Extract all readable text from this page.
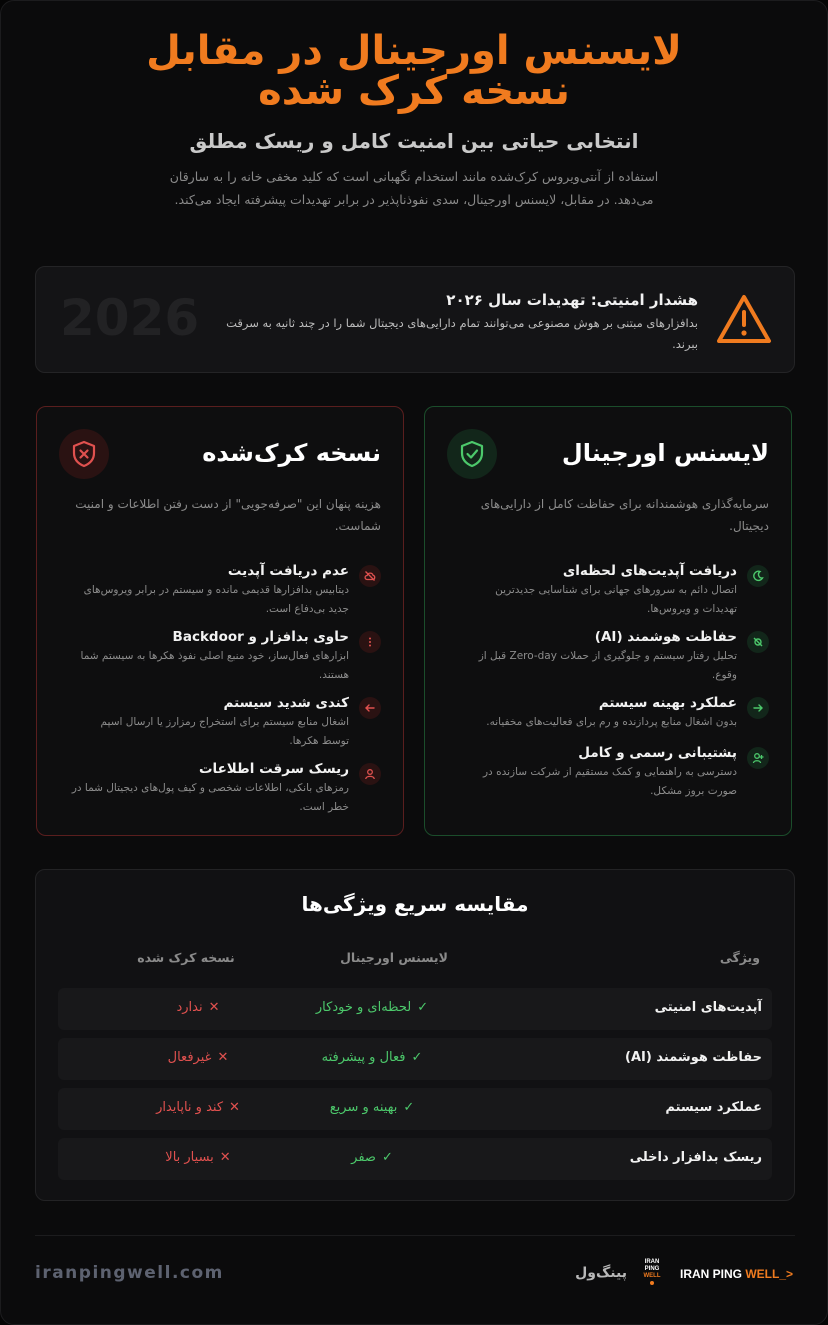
لایسنس اورجینال در مقابل نسخه کرک شده
انتخابی حیاتی بین امنیت کامل و ریسک مطلق

استفاده از آنتی‌ویروس کرک‌شده مانند استخدام نگهبانی است که کلید مخفی خانه را به سارقان می‌دهد. در مقابل، لایسنس اورجینال، سدی نفوذناپذیر در برابر تهدیدات پیشرفته ایجاد می‌کند.

هشدار امنیتی: تهدیدات سال ۲۰۲۶
بدافزارهای مبتنی بر هوش مصنوعی می‌توانند تمام دارایی‌های دیجیتال شما را در چند ثانیه به سرقت ببرند.
2026
لایسنس اورجینال
سرمایه‌گذاری هوشمندانه برای حفاظت کامل از دارایی‌های دیجیتال.
دریافت آپدیت‌های لحظه‌ای
اتصال دائم به سرورهای جهانی برای شناسایی جدیدترین تهدیدات و ویروس‌ها.
حفاظت هوشمند (AI)
تحلیل رفتار سیستم و جلوگیری از حملات Zero-day قبل از وقوع.
عملکرد بهینه سیستم
بدون اشغال منابع پردازنده و رم برای فعالیت‌های مخفیانه.
پشتیبانی رسمی و کامل
دسترسی به راهنمایی و کمک مستقیم از شرکت سازنده در صورت بروز مشکل.
نسخه کرک‌شده
هزینه پنهان این "صرفه‌جویی" از دست رفتن اطلاعات و امنیت شماست.
عدم دریافت آپدیت
دیتابیس بدافزارها قدیمی مانده و سیستم در برابر ویروس‌های جدید بی‌دفاع است.
حاوی بدافزار و Backdoor
ابزارهای فعال‌ساز، خود منبع اصلی نفوذ هکرها به سیستم شما هستند.
کندی شدید سیستم
اشغال منابع سیستم برای استخراج رمزارز یا ارسال اسپم توسط هکرها.
ریسک سرقت اطلاعات
رمزهای بانکی، اطلاعات شخصی و کیف پول‌های دیجیتال شما در خطر است.
مقایسه سریع ویژگی‌ها
ویژگی
لایسنس اورجینال
نسخه کرک شده
آپدیت‌های امنیتی
✓لحظه‌ای و خودکار
✕ندارد
حفاظت هوشمند (AI)
✓فعال و پیشرفته
✕غیرفعال
عملکرد سیستم
✓بهینه و سریع
✕کند و ناپایدار
ریسک بدافزار داخلی
✓صفر
✕بسیار بالا
iranpingwell.com	IRAN PING WELL_>
IRAN
PING
WELL
پینگ‌ول
